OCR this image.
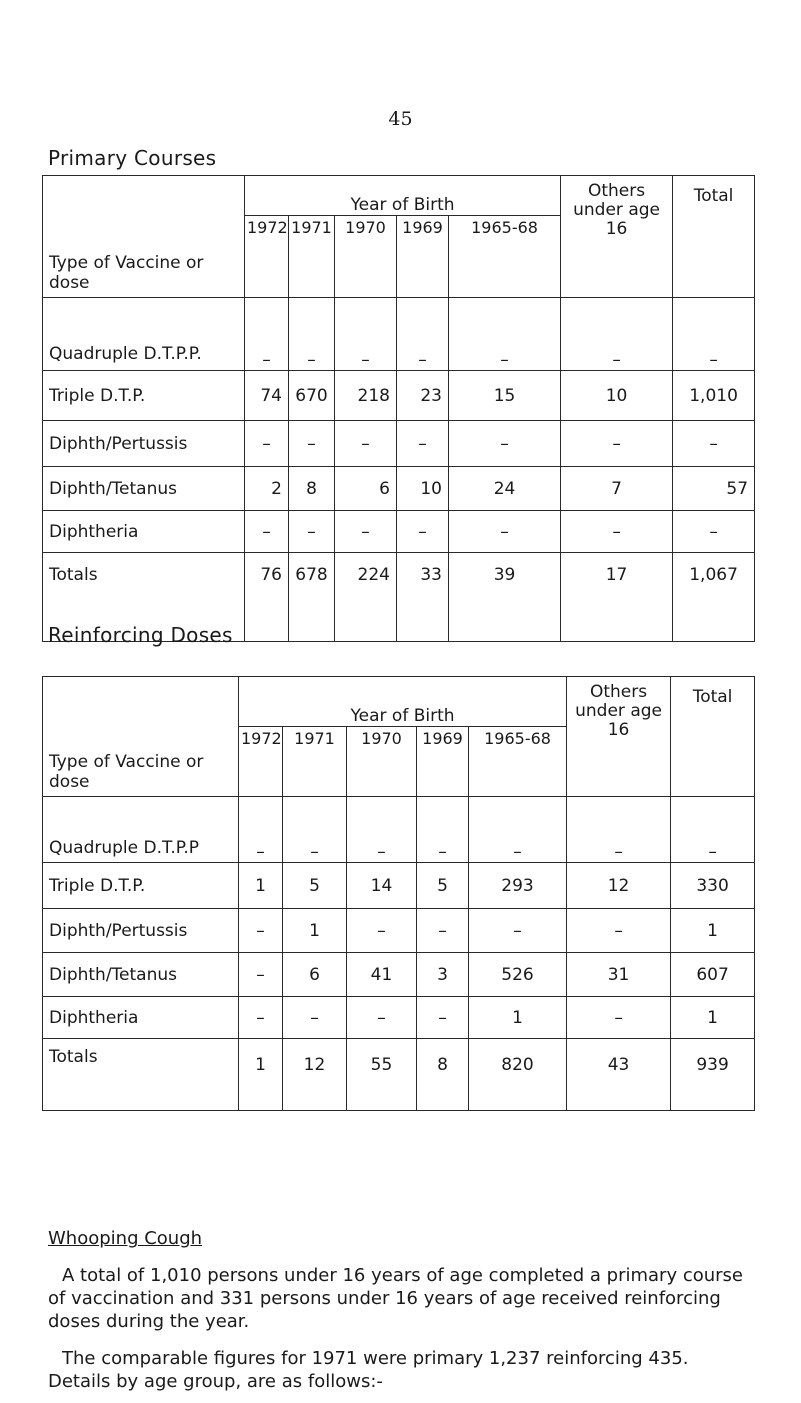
45
Primary Courses
Type of Vaccine or dose	Year of Birth					Others under age 16	Total
	1972	1971	1970	1969	1965-68		
Quadruple D.T.P.P.	–	–	–	–	–	–	–
Triple D.T.P.	74	670	218	23	15	10	1,010
Diphth/Pertussis	–	–	–	–	–	–	–
Diphth/Tetanus	2	8	6	10	24	7	57
Diphtheria	–	–	–	–	–	–	–
Totals	76	678	224	33	39	17	1,067
Reinforcing Doses
Type of Vaccine or dose	Year of Birth					Others under age 16	Total
	1972	1971	1970	1969	1965-68		
Quadruple D.T.P.P	–	–	–	–	–	–	–
Triple D.T.P.	1	5	14	5	293	12	330
Diphth/Pertussis	–	1	–	–	–	–	1
Diphth/Tetanus	–	6	41	3	526	31	607
Diphtheria	–	–	–	–	1	–	1
Totals	1	12	55	8	820	43	939
Whooping Cough
A total of 1,010 persons under 16 years of age completed a primary course of vaccination and 331 persons under 16 years of age received reinforcing doses during the year.
The comparable figures for 1971 were primary 1,237 reinforcing 435. Details by age group, are as follows:-
